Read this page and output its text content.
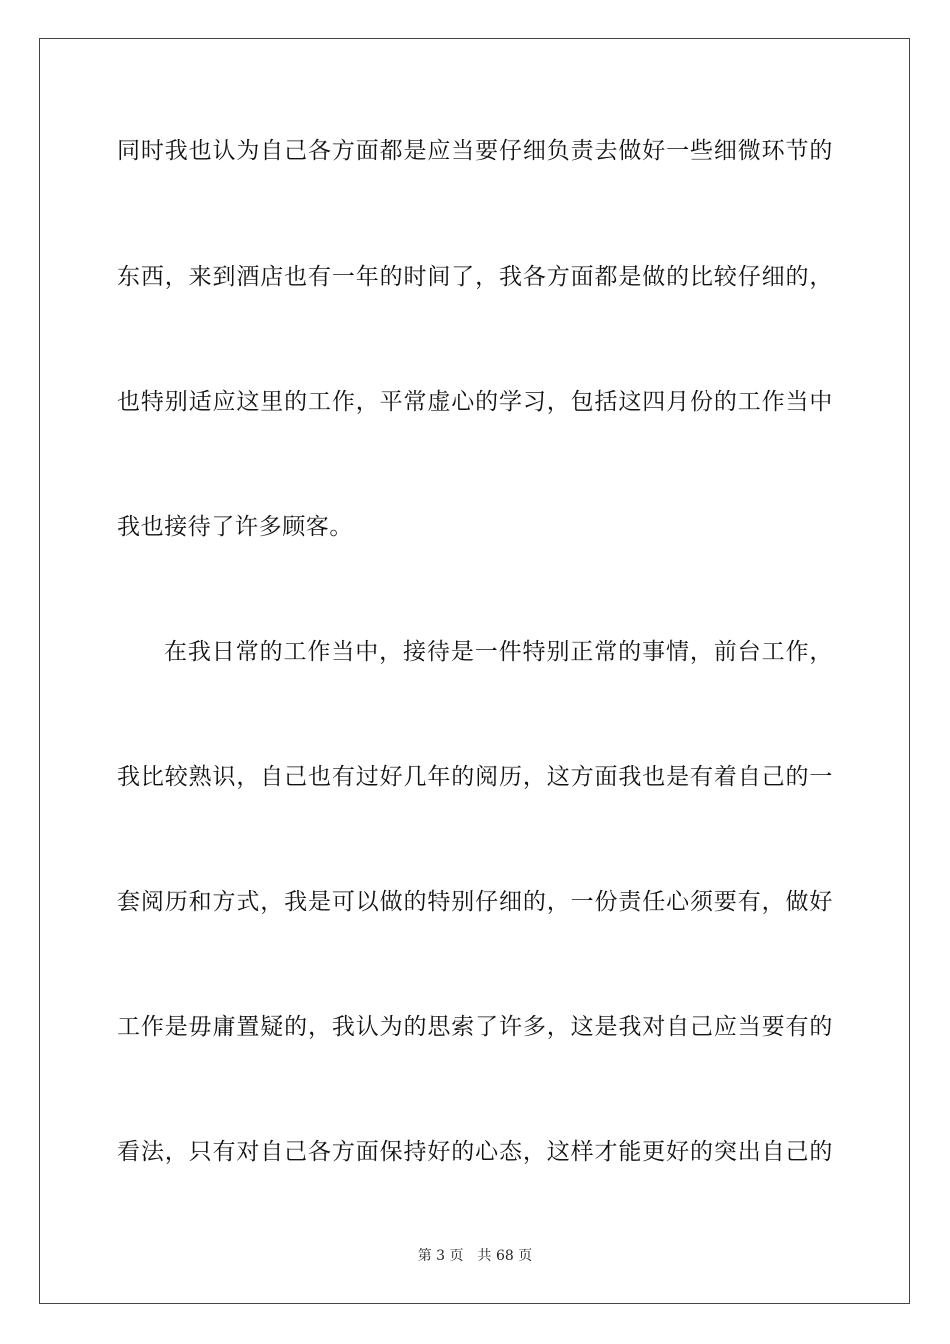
同时我也认为自己各方面都是应当要仔细负责去做好一些细微环节的
东西，来到酒店也有一年的时间了，我各方面都是做的比较仔细的，
也特别适应这里的工作，平常虚心的学习，包括这四月份的工作当中
我也接待了许多顾客。
在我日常的工作当中，接待是一件特别正常的事情，前台工作，
我比较熟识，自己也有过好几年的阅历，这方面我也是有着自己的一
套阅历和方式，我是可以做的特别仔细的，一份责任心须要有，做好
工作是毋庸置疑的，我认为的思索了许多，这是我对自己应当要有的
看法，只有对自己各方面保持好的心态，这样才能更好的突出自己的
第 3 页 共 68 页
